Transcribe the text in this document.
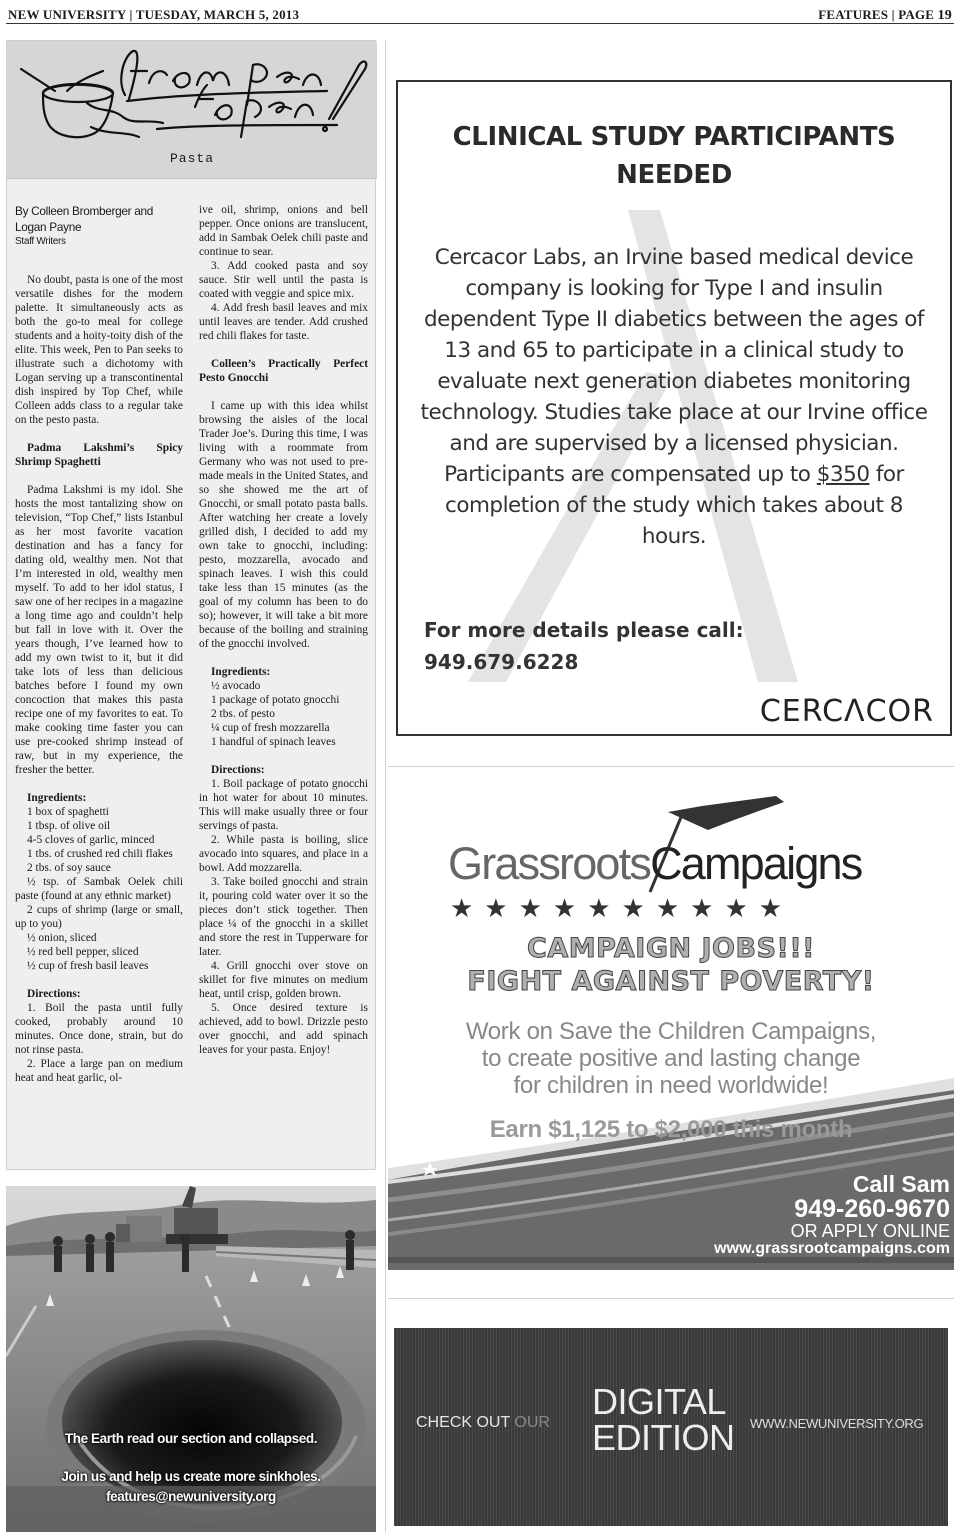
NEW UNIVERSITY | TUESDAY, MARCH 5, 2013	FEATURES | PAGE 19
Pasta
By Colleen Bromberger and Logan Payne
Staff Writers

No doubt, pasta is one of the most versatile dishes for the modern palette. It simultaneously acts as both the go-to meal for college students and a hoity-toity dish of the elite. This week, Pen to Pan seeks to illustrate such a dichotomy with Logan serving up a transcontinental dish inspired by Top Chef, while Colleen adds class to a regular take on the pesto pasta.

Padma Lakshmi’s Spicy Shrimp Spaghetti

Padma Lakshmi is my idol. She hosts the most tantalizing show on television, “Top Chef,” lists Istanbul as her most favorite vacation destination and has a fancy for dating old, wealthy men. Not that I’m interested in old, wealthy men myself. To add to her idol status, I saw one of her recipes in a magazine a long time ago and couldn’t help but fall in love with it. Over the years though, I’ve learned how to add my own twist to it, but it did take lots of less than delicious batches before I found my own concoction that makes this pasta recipe one of my favorites to eat. To make cooking time faster you can use pre-cooked shrimp instead of raw, but in my experience, the fresher the better.

Ingredients:
1 box of spaghetti
1 tbsp. of olive oil
4-5 cloves of garlic, minced
1 tbs. of crushed red chili flakes
2 tbs. of soy sauce
½ tsp. of Sambak Oelek chili paste (found at any ethnic market)
2 cups of shrimp (large or small, up to you)
½ onion, sliced
½ red bell pepper, sliced
½ cup of fresh basil leaves
Directions:
1. Boil the pasta until fully cooked, probably around 10 minutes. Once done, strain, but do not rinse pasta.
2. Place a large pan on medium heat and heat garlic, ol-
ive oil, shrimp, onions and bell pepper. Once onions are translucent, add in Sambak Oelek chili paste and continue to sear.
3. Add cooked pasta and soy sauce. Stir well until the pasta is coated with veggie and spice mix.
4. Add fresh basil leaves and mix until leaves are tender. Add crushed red chili flakes for taste.
Colleen’s Practically Perfect Pesto Gnocchi

I came up with this idea whilst browsing the aisles of the local Trader Joe’s. During this time, I was living with a roommate from Germany who was not used to pre-made meals in the United States, and so she showed me the art of Gnocchi, or small potato pasta balls. After watching her create a lovely grilled dish, I decided to add my own take to gnocchi, including: pesto, mozzarella, avocado and spinach leaves. I wish this could take less than 15 minutes (as the goal of my column has been to do so); however, it will take a bit more because of the boiling and straining of the gnocchi involved.

Ingredients:
½ avocado
1 package of potato gnocchi
2 tbs. of pesto
¼ cup of fresh mozzarella
1 handful of spinach leaves
Directions:
1. Boil package of potato gnocchi in hot water for about 10 minutes. This will make usually three or four servings of pasta.
2. While pasta is boiling, slice avocado into squares, and place in a bowl. Add mozzarella.
3. Take boiled gnocchi and strain it, pouring cold water over it so the pieces don’t stick together. Then place ¼ of the gnocchi in a skillet and store the rest in Tupperware for later.
4. Grill gnocchi over stove on skillet for five minutes on medium heat, until crisp, golden brown.
5. Once desired texture is achieved, add to bowl. Drizzle pesto over gnocchi, and add spinach leaves for your pasta. Enjoy!
The Earth read our section and collapsed.
Join us and help us create more sinkholes.
features@newuniversity.org
CLINICAL STUDY PARTICIPANTS
NEEDED
Cercacor Labs, an Irvine based medical device company is looking for Type I and insulin dependent Type II diabetics between the ages of 13 and 65 to participate in a clinical study to evaluate next generation diabetes monitoring technology. Studies take place at our Irvine office and are supervised by a licensed physician. Participants are compensated up to $350 for completion of the study which takes about 8 hours.
For more details please call:
949.679.6228
CERCΛCOR
GrassrootsCampaigns
★★★★★★★★★★
CAMPAIGN JOBS!!!
FIGHT AGAINST POVERTY!
Work on Save the Children Campaigns,
to create positive and lasting change
for children in need worldwide!
Earn $1,125 to $2,000 this month
Call Sam
949-260-9670
OR APPLY ONLINE
www.grassrootcampaigns.com
CHECK OUT OUR
DIGITAL
EDITION WWW.NEWUNIVERSITY.ORG
